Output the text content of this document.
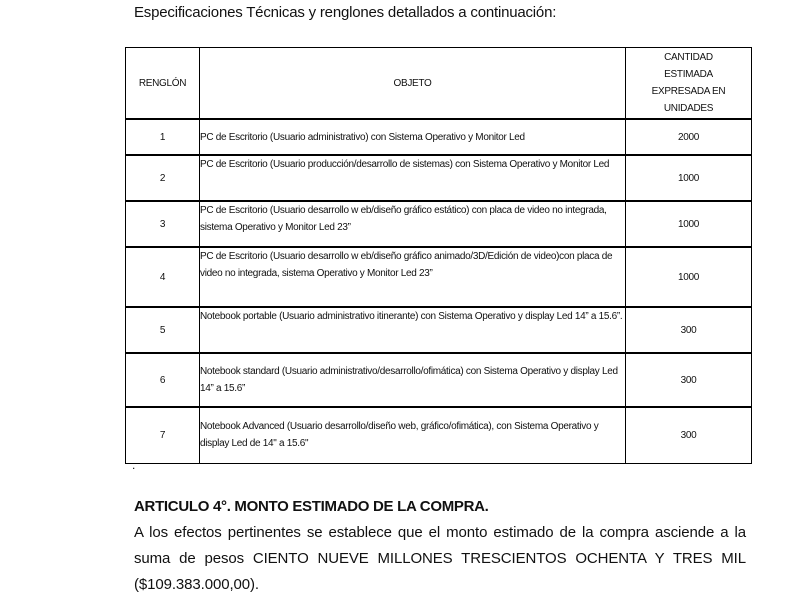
Especificaciones Técnicas y renglones detallados a continuación:
RENGLÓN	OBJETO	CANTIDAD
ESTIMADA
EXPRESADA EN
UNIDADES

1	PC de Escritorio (Usuario administrativo) con Sistema Operativo y Monitor Led	2000
2	PC de Escritorio (Usuario producción/desarrollo de sistemas) con Sistema Operativo y Monitor Led	1000
3	PC de Escritorio (Usuario desarrollo w eb/diseño gráfico estático) con placa de video no integrada, sistema Operativo y Monitor Led 23”	1000
4	PC de Escritorio (Usuario desarrollo w eb/diseño gráfico animado/3D/Edición de video)con placa de video no integrada, sistema Operativo y Monitor Led 23”	1000
5	Notebook portable (Usuario administrativo itinerante) con Sistema Operativo y display Led 14” a 15.6”.	300
6	Notebook standard (Usuario administrativo/desarrollo/ofimática) con Sistema Operativo y display Led 14” a 15.6”	300
7	Notebook Advanced (Usuario desarrollo/diseño web, gráfico/ofimática), con Sistema Operativo y display Led de 14" a 15.6"	300
.
ARTICULO 4°. MONTO ESTIMADO DE LA COMPRA.
A los efectos pertinentes se establece que el monto estimado de la compra asciende a la
suma de pesos CIENTO NUEVE MILLONES TRESCIENTOS OCHENTA Y TRES MIL
($109.383.000,00).
